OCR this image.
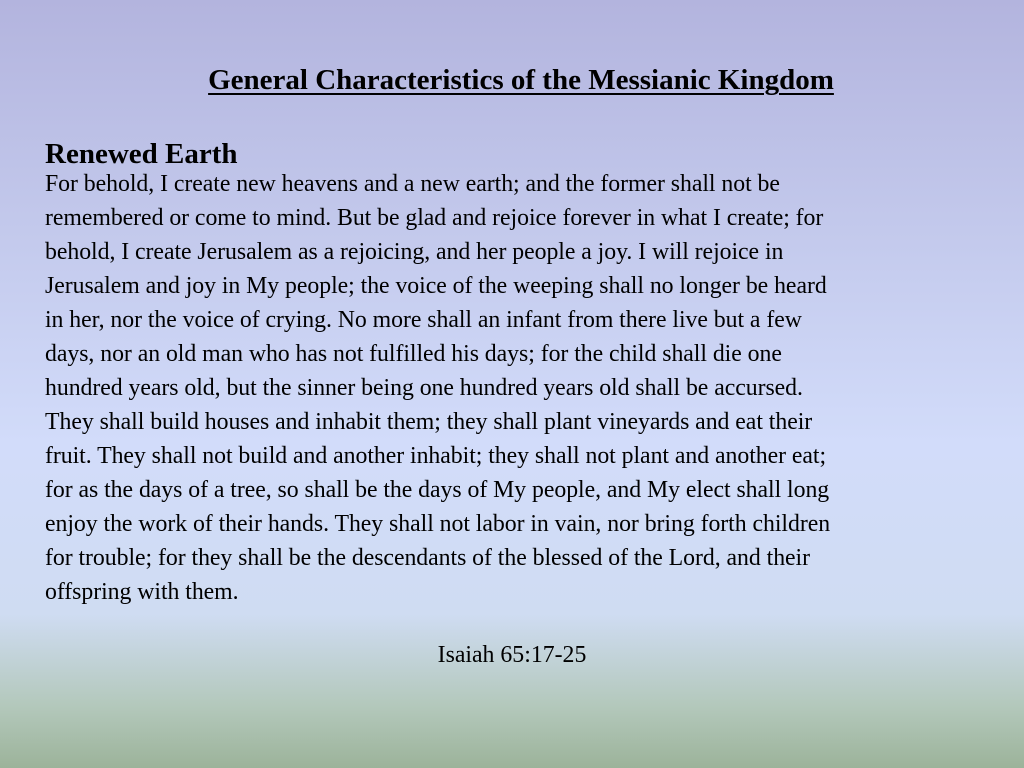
General Characteristics of the Messianic Kingdom
Renewed Earth
For behold, I create new heavens and a new earth; and the former shall not be
remembered or come to mind. But be glad and rejoice forever in what I create; for
behold, I create Jerusalem as a rejoicing, and her people a joy. I will rejoice in
Jerusalem and joy in My people; the voice of the weeping shall no longer be heard
in her, nor the voice of crying. No more shall an infant from there live but a few
days, nor an old man who has not fulfilled his days; for the child shall die one
hundred years old, but the sinner being one hundred years old shall be accursed.
They shall build houses and inhabit them; they shall plant vineyards and eat their
fruit. They shall not build and another inhabit; they shall not plant and another eat;
for as the days of a tree, so shall be the days of My people, and My elect shall long
enjoy the work of their hands. They shall not labor in vain, nor bring forth children
for trouble; for they shall be the descendants of the blessed of the Lord, and their
offspring with them.
Isaiah 65:17-25
